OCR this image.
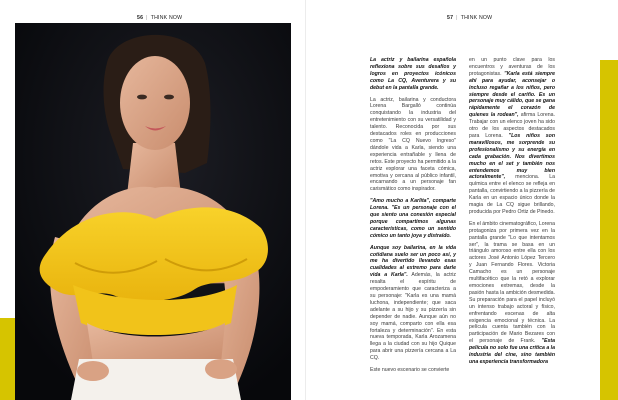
56 | THINK NOW	57 | THINK NOW

La actriz y bailarina española reflexiona sobre sus desafíos y logros en proyectos icónicos como La CQ, Aventurera y su debut en la pantalla grande.

La actriz, bailarina y conductora Lorena Bargalló continúa conquistando la industria del entretenimiento con su versatilidad y talento. Reconocida por sus destacados roles en producciones como "La CQ Nuevo Ingreso" dándole vida a Karla, siendo una experiencia entrañable y llena de retos. Este proyecto ha permitido a la actriz explorar una faceta cómica, emotiva y cercana al público infantil, encarnando a un personaje fan carismático como inspirador.

"Amo mucho a Karlita", comparte Lorena. "Es un personaje con el que siento una conexión especial porque compartimos algunas características, como un sentido cómico un tanto joya y distraído.

Aunque soy bailarina, en la vida cotidiana suelo ser un poco así, y me ha divertido llevando esas cualidades al extremo para darle vida a Karla". Además, la actriz resalta el espíritu de empoderamiento que caracteriza a su personaje: "Karla es una mamá luchona, independiente; que saca adelante a su hijo y su pizzería sin depender de nadie. Aunque aún no soy mamá, comparto con ella esa fortaleza y determinación". En esta nueva temporada, Karla Arozamena llega a la ciudad con su hijo Quique para abrir una pizzería cercana a La CQ.

Este nuevo escenario se convierte

en un punto clave para los encuentros y aventuras de los protagonistas. "Karla está siempre ahí para ayudar, aconsejar o incluso regañar a los niños, pero siempre desde el cariño. Es un personaje muy cálido, que se gana rápidamente el corazón de quienes la rodean", afirma Lorena. Trabajar con un elenco joven ha sido otro de los aspectos destacados para Lorena. "Los niños son maravillosos, me sorprende su profesionalismo y su energía en cada grabación. Nos divertimos mucho en el set y también nos entendemos muy bien actoralmente", menciona. La química entre el elenco se refleja en pantalla, convirtiendo a la pizzería de Karla en un espacio único donde la magia de La CQ sigue brillando, producida por Pedro Ortiz de Pinedo.

En el ámbito cinematográfico, Lorena protagoniza por primera vez en la pantalla grande "Lo que intentamos ser", la trama se basa en un triángulo amoroso entre ella con los actores José Antonio López Tercero y Juan Fernando Flores. Victoria Camacho es un personaje multifacético que la retó a explorar emociones extremas, desde la pasión hasta la ambición desmedida. Su preparación para el papel incluyó un intenso trabajo actoral y físico, enfrentando escenas de alta exigencia emocional y técnica. La película cuenta también con la participación de Mario Bezares con el personaje de Frank. "Esta película no solo fue una crítica a la industria del cine, sino también una experiencia transformadora
